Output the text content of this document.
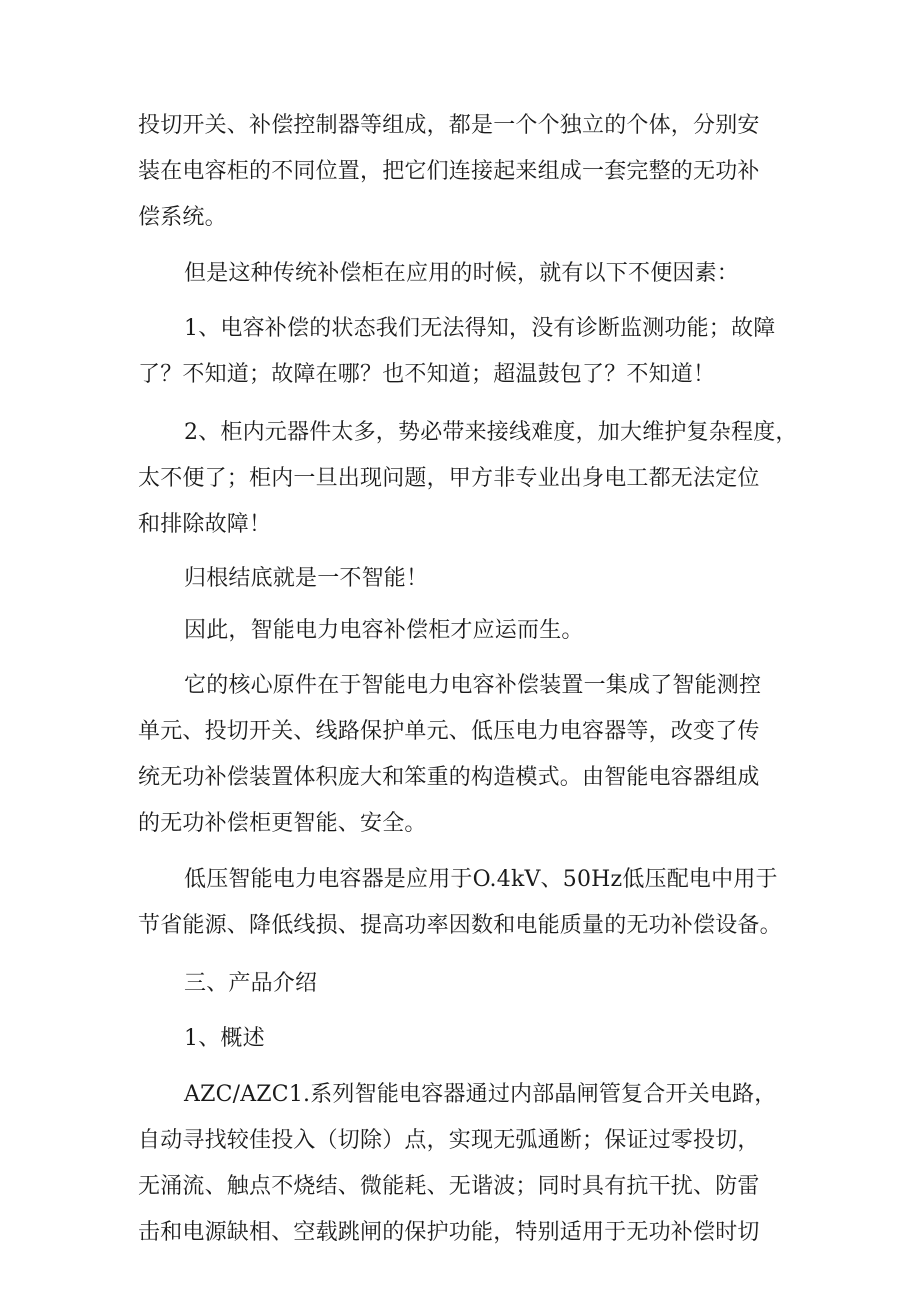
投切开关、补偿控制器等组成，都是一个个独立的个体，分别安
装在电容柜的不同位置，把它们连接起来组成一套完整的无功补
偿系统。
但是这种传统补偿柜在应用的时候，就有以下不便因素：
1、电容补偿的状态我们无法得知，没有诊断监测功能；故障
了？不知道；故障在哪？也不知道；超温鼓包了？不知道！
2、柜内元器件太多，势必带来接线难度，加大维护复杂程度，
太不便了；柜内一旦出现问题，甲方非专业出身电工都无法定位
和排除故障！
归根结底就是一不智能！
因此，智能电力电容补偿柜才应运而生。
它的核心原件在于智能电力电容补偿装置一集成了智能测控
单元、投切开关、线路保护单元、低压电力电容器等，改变了传
统无功补偿装置体积庞大和笨重的构造模式。由智能电容器组成
的无功补偿柜更智能、安全。
低压智能电力电容器是应用于O.4kV、50Hz低压配电中用于
节省能源、降低线损、提高功率因数和电能质量的无功补偿设备。
三、产品介绍
1、概述
AZC/AZC1.系列智能电容器通过内部晶闸管复合开关电路，
自动寻找较佳投入（切除）点，实现无弧通断；保证过零投切，
无涌流、触点不烧结、微能耗、无谐波；同时具有抗干扰、防雷
击和电源缺相、空载跳闸的保护功能，特别适用于无功补偿时切
